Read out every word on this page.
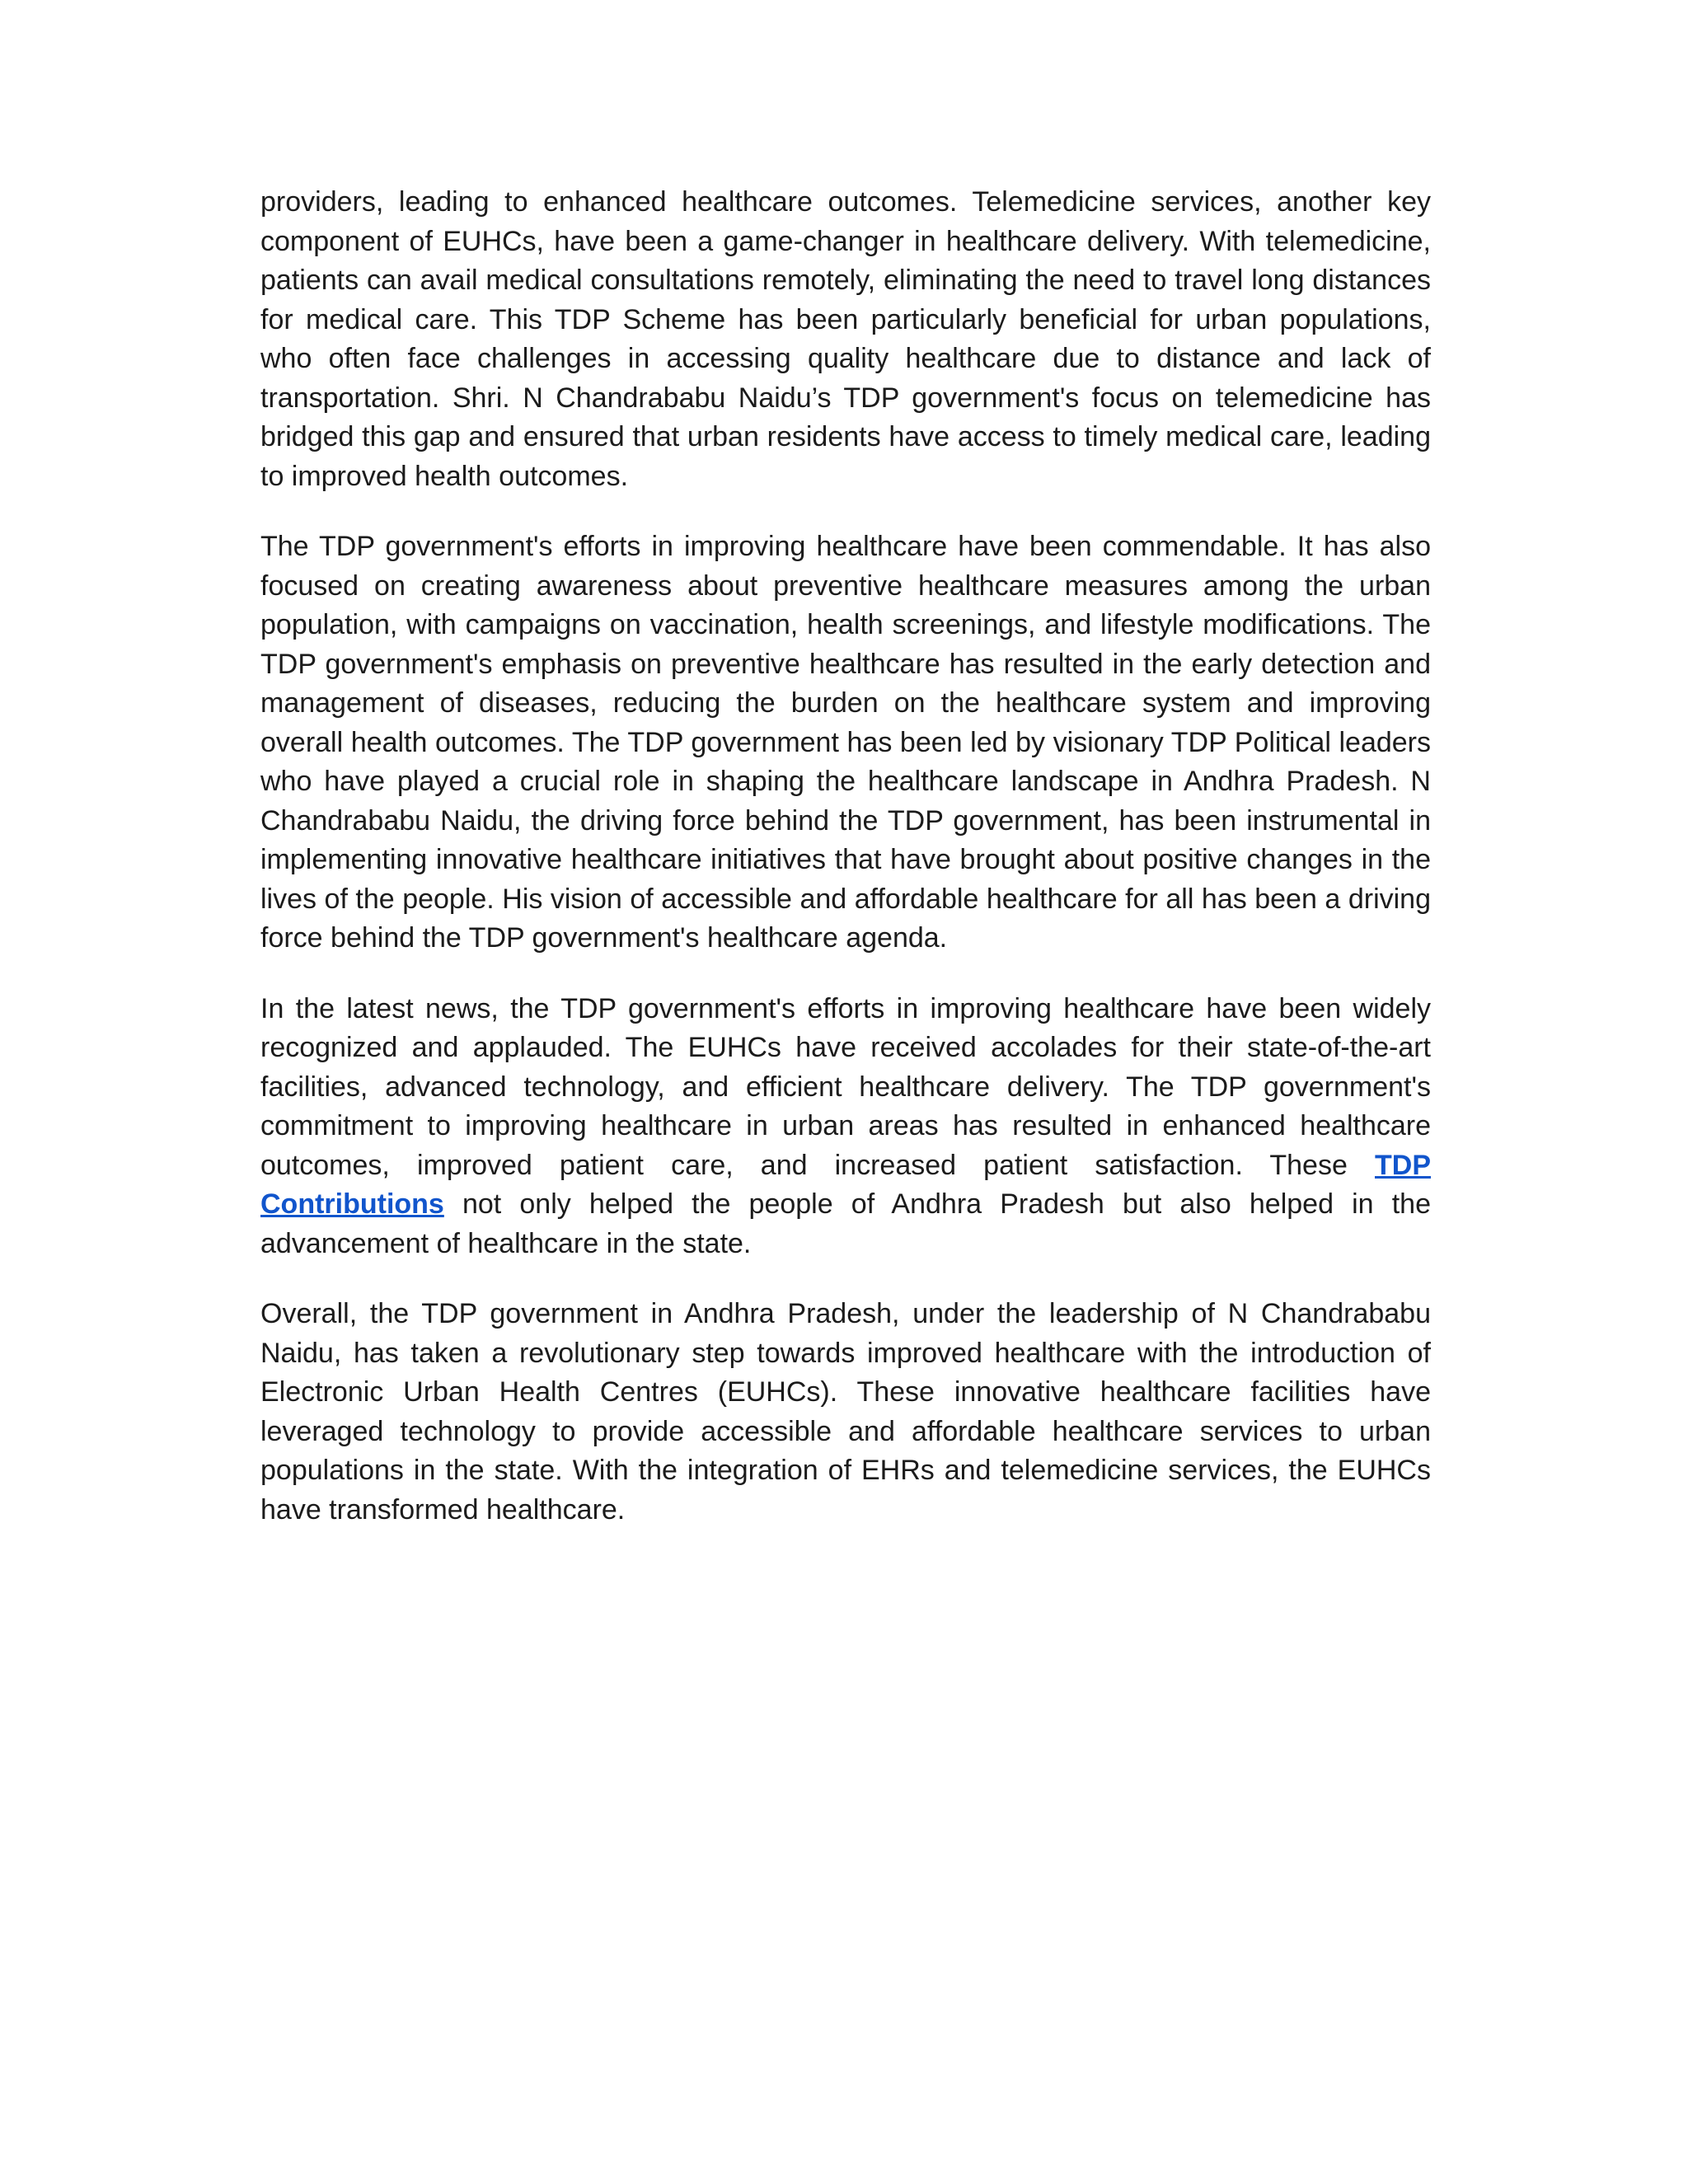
providers, leading to enhanced healthcare outcomes. Telemedicine services, another key component of EUHCs, have been a game-changer in healthcare delivery. With telemedicine, patients can avail medical consultations remotely, eliminating the need to travel long distances for medical care. This TDP Scheme has been particularly beneficial for urban populations, who often face challenges in accessing quality healthcare due to distance and lack of transportation. Shri. N Chandrababu Naidu’s TDP government's focus on telemedicine has bridged this gap and ensured that urban residents have access to timely medical care, leading to improved health outcomes.

The TDP government's efforts in improving healthcare have been commendable. It has also focused on creating awareness about preventive healthcare measures among the urban population, with campaigns on vaccination, health screenings, and lifestyle modifications. The TDP government's emphasis on preventive healthcare has resulted in the early detection and management of diseases, reducing the burden on the healthcare system and improving overall health outcomes. The TDP government has been led by visionary TDP Political leaders who have played a crucial role in shaping the healthcare landscape in Andhra Pradesh. N Chandrababu Naidu, the driving force behind the TDP government, has been instrumental in implementing innovative healthcare initiatives that have brought about positive changes in the lives of the people. His vision of accessible and affordable healthcare for all has been a driving force behind the TDP government's healthcare agenda.

In the latest news, the TDP government's efforts in improving healthcare have been widely recognized and applauded. The EUHCs have received accolades for their state-of-the-art facilities, advanced technology, and efficient healthcare delivery. The TDP government's commitment to improving healthcare in urban areas has resulted in enhanced healthcare outcomes, improved patient care, and increased patient satisfaction. These TDP Contributions not only helped the people of Andhra Pradesh but also helped in the advancement of healthcare in the state.

Overall, the TDP government in Andhra Pradesh, under the leadership of N Chandrababu Naidu, has taken a revolutionary step towards improved healthcare with the introduction of Electronic Urban Health Centres (EUHCs). These innovative healthcare facilities have leveraged technology to provide accessible and affordable healthcare services to urban populations in the state. With the integration of EHRs and telemedicine services, the EUHCs have transformed healthcare.
